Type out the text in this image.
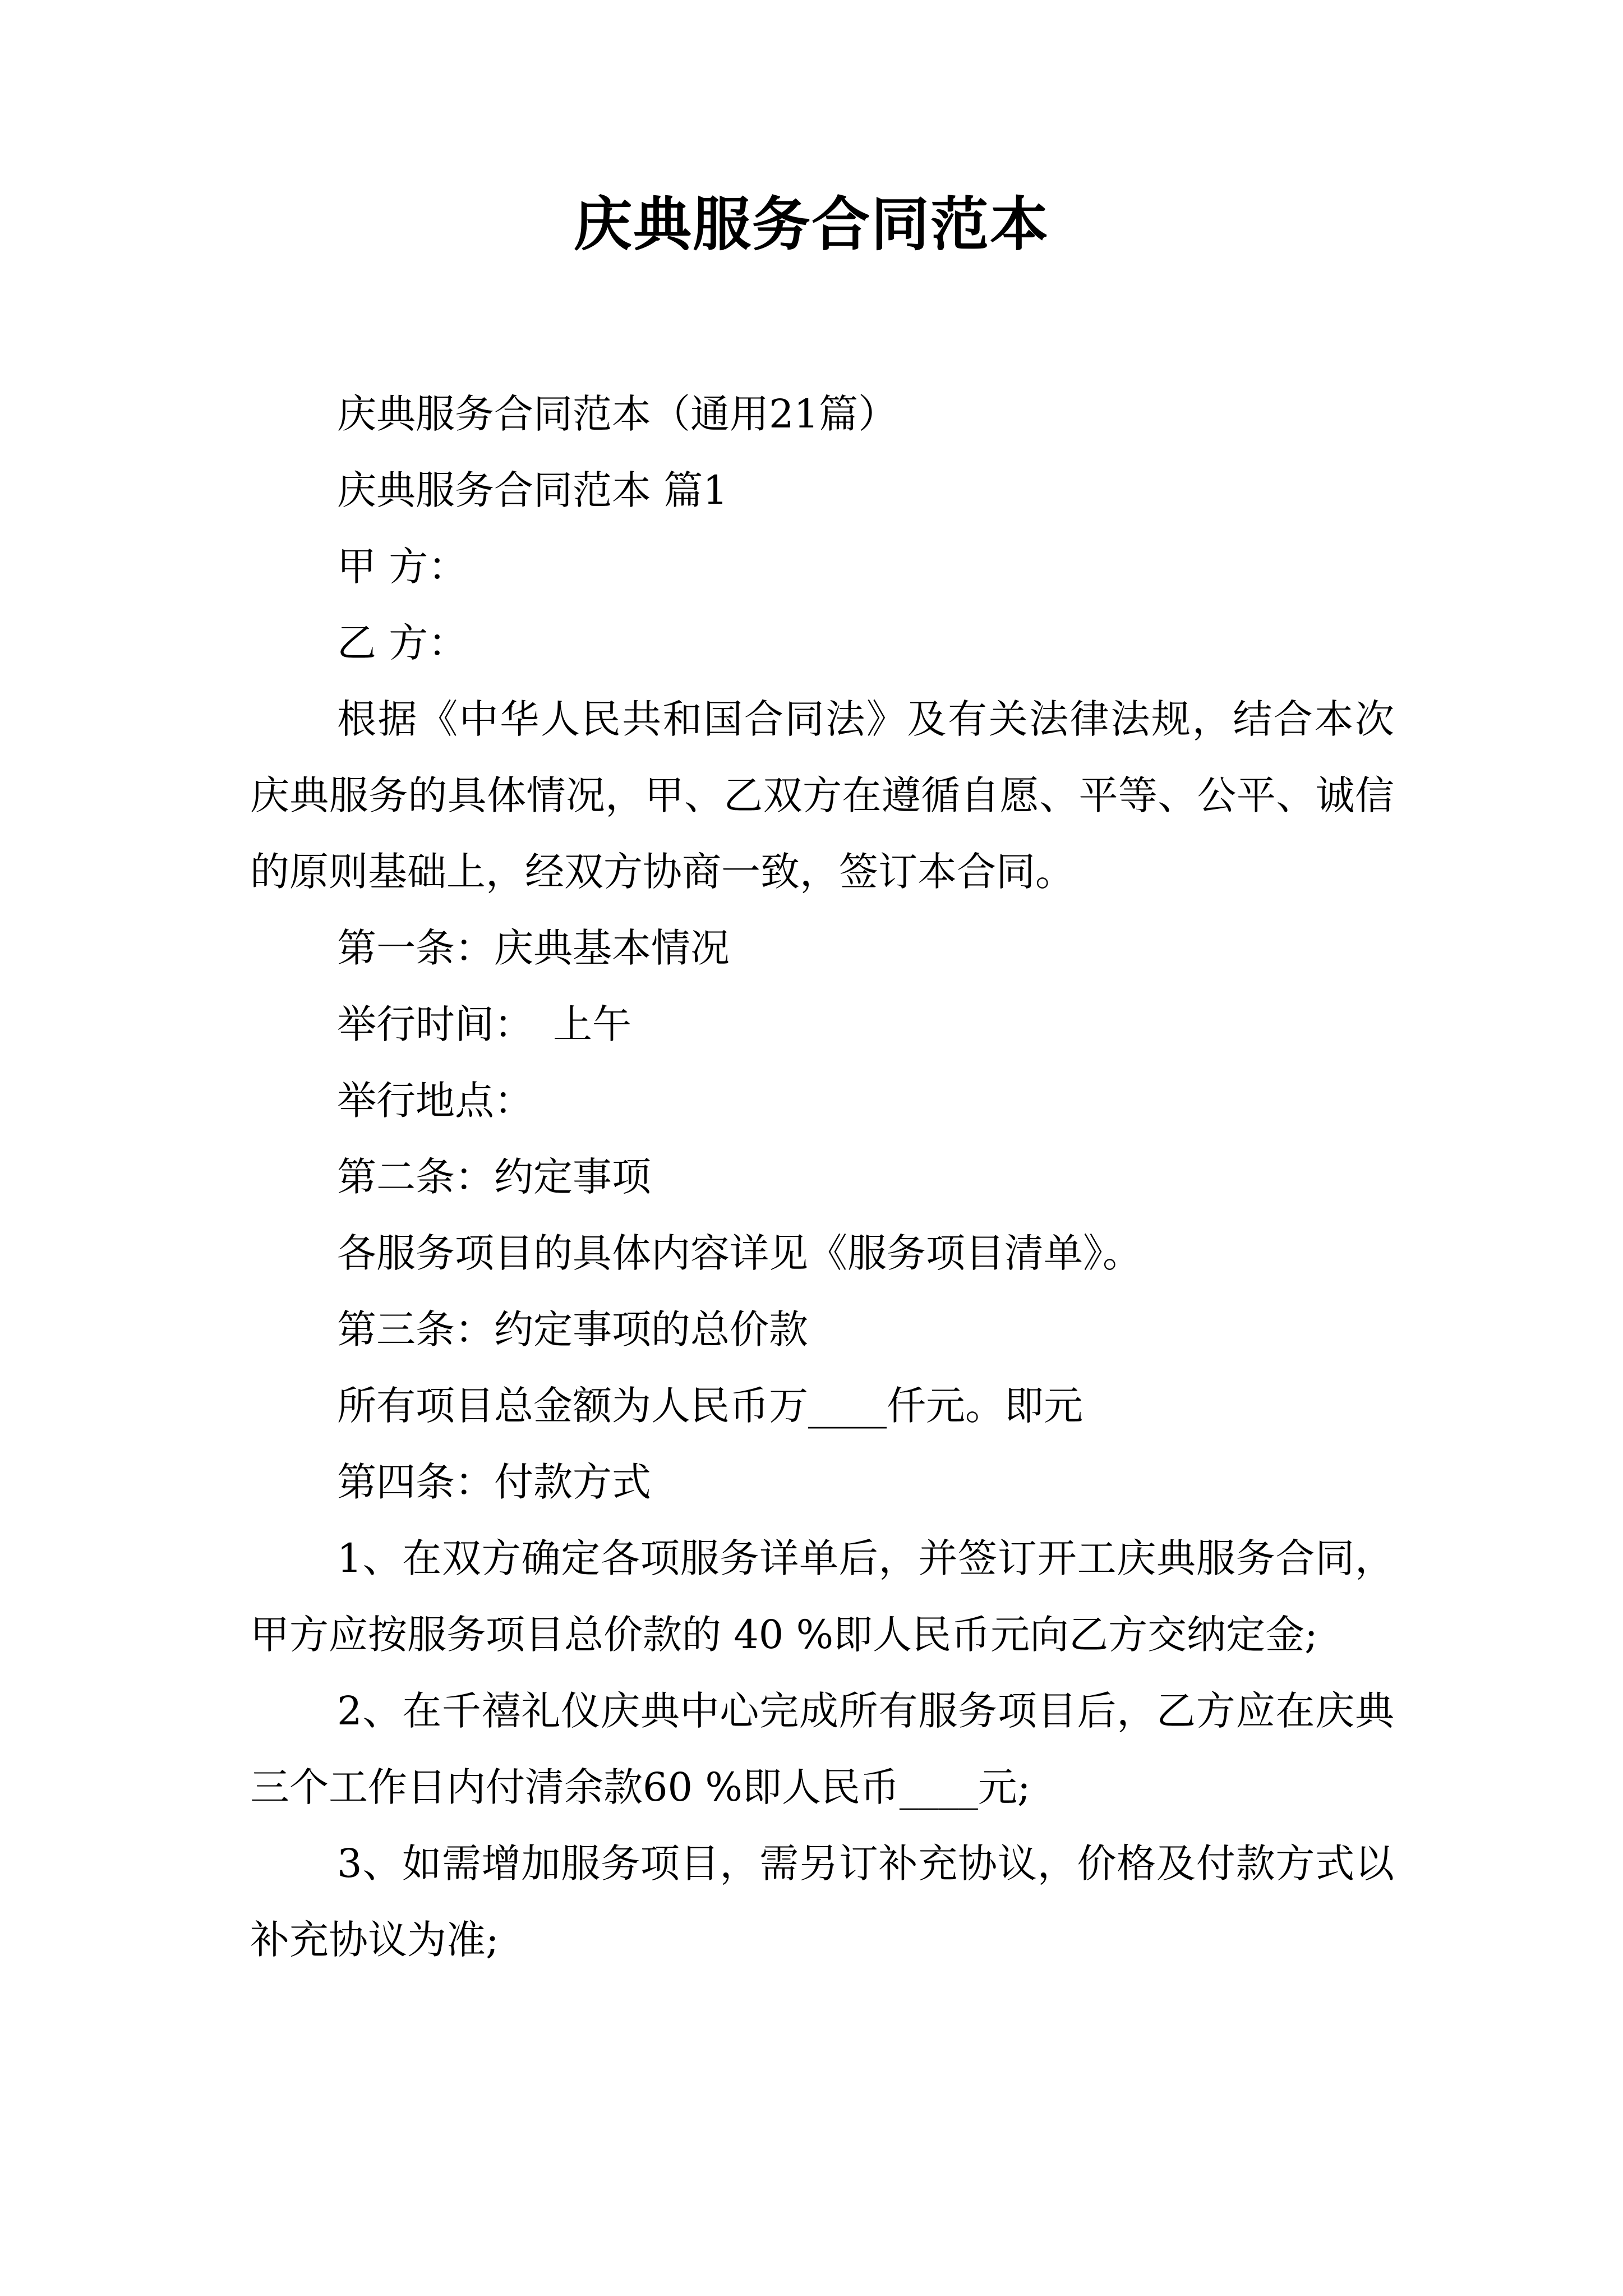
庆典服务合同范本

庆典服务合同范本（通用21篇）

庆典服务合同范本 篇1

甲 方：

乙 方：

根据《中华人民共和国合同法》及有关法律法规，结合本次庆典服务的具体情况，甲、乙双方在遵循自愿、平等、公平、诚信的原则基础上，经双方协商一致，签订本合同。

第一条：庆典基本情况

举行时间：　上午

举行地点：

第二条：约定事项

各服务项目的具体内容详见《服务项目清单》。

第三条：约定事项的总价款

所有项目总金额为人民币万____仟元。即元

第四条：付款方式

1、在双方确定各项服务详单后，并签订开工庆典服务合同，甲方应按服务项目总价款的 40 %即人民币元向乙方交纳定金;

2、在千禧礼仪庆典中心完成所有服务项目后，乙方应在庆典三个工作日内付清余款60 %即人民币____元;

3、如需增加服务项目，需另订补充协议，价格及付款方式以补充协议为准;
